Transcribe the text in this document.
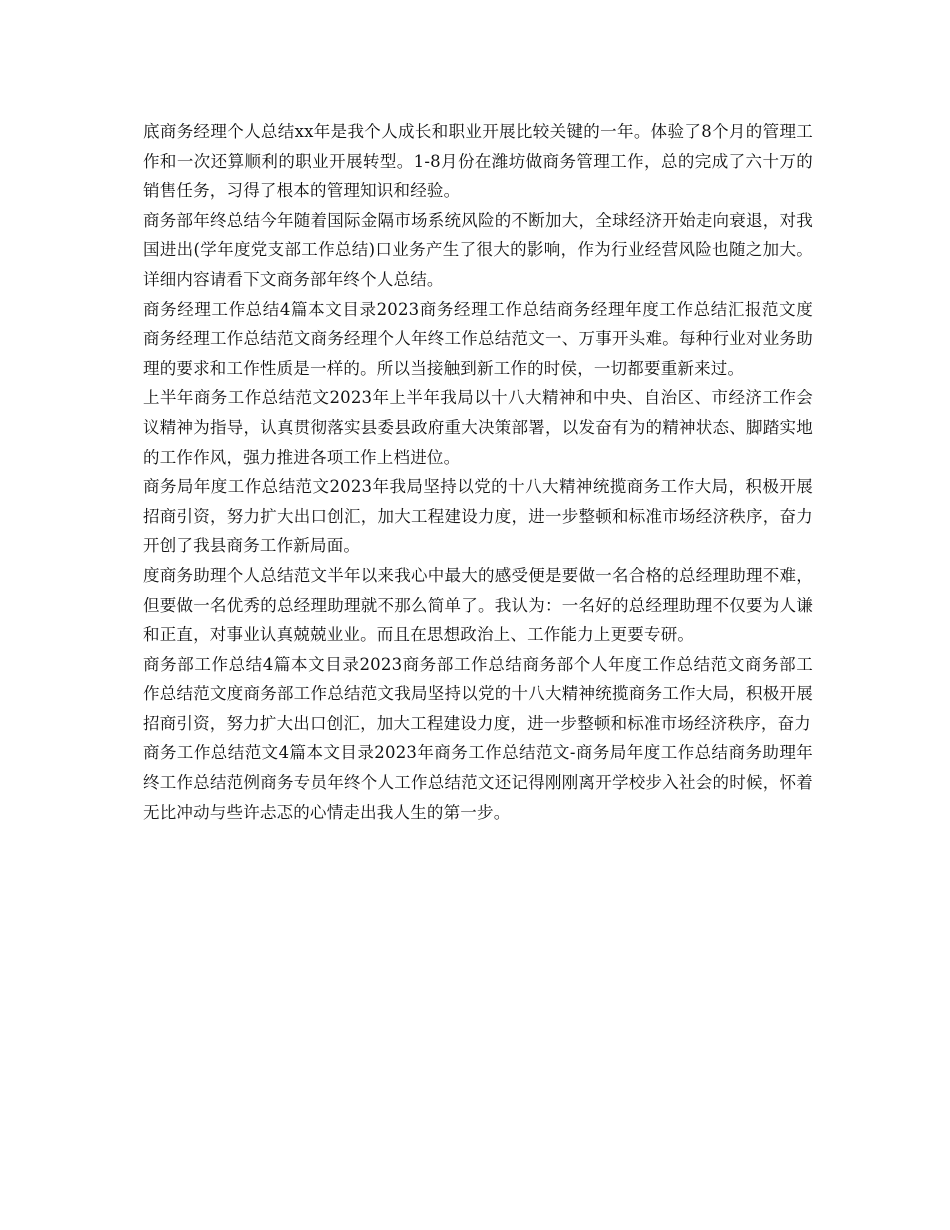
底商务经理个人总结xx年是我个人成长和职业开展比较关键的一年。体验了8个月的管理工作和一次还算顺利的职业开展转型。1-8月份在潍坊做商务管理工作，总的完成了六十万的销售任务，习得了根本的管理知识和经验。

商务部年终总结今年随着国际金隔市场系统风险的不断加大，全球经济开始走向衰退，对我国进出(学年度党支部工作总结)口业务产生了很大的影响，作为行业经营风险也随之加大。 详细内容请看下文商务部年终个人总结。

商务经理工作总结4篇本文目录2023商务经理工作总结商务经理年度工作总结汇报范文度商务经理工作总结范文商务经理个人年终工作总结范文一、万事开头难。每种行业对业务助理的要求和工作性质是一样的。所以当接触到新工作的时侯，一切都要重新来过。

上半年商务工作总结范文2023年上半年我局以十八大精神和中央、自治区、市经济工作会议精神为指导，认真贯彻落实县委县政府重大决策部署，以发奋有为的精神状态、脚踏实地的工作作风，强力推进各项工作上档进位。

商务局年度工作总结范文2023年我局坚持以党的十八大精神统揽商务工作大局，积极开展招商引资，努力扩大出口创汇，加大工程建设力度，进一步整顿和标准市场经济秩序，奋力开创了我县商务工作新局面。

度商务助理个人总结范文半年以来我心中最大的感受便是要做一名合格的总经理助理不难，但要做一名优秀的总经理助理就不那么简单了。我认为：一名好的总经理助理不仅要为人谦和正直，对事业认真兢兢业业。而且在思想政治上、工作能力上更要专研。

商务部工作总结4篇本文目录2023商务部工作总结商务部个人年度工作总结范文商务部工作总结范文度商务部工作总结范文我局坚持以党的十八大精神统揽商务工作大局，积极开展招商引资，努力扩大出口创汇，加大工程建设力度，进一步整顿和标准市场经济秩序，奋力

商务工作总结范文4篇本文目录2023年商务工作总结范文-商务局年度工作总结商务助理年终工作总结范例商务专员年终个人工作总结范文还记得刚刚离开学校步入社会的时候，怀着无比冲动与些许忐忑的心情走出我人生的第一步。
